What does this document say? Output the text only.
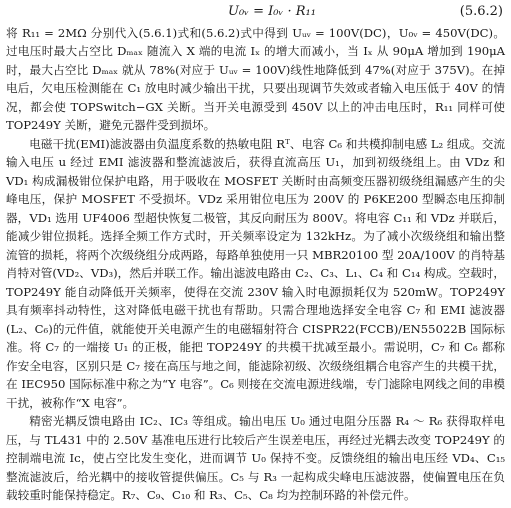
U₀ᵥ = I₀ᵥ · R₁₁	(5.6.2)

将 R₁₁ = 2MΩ 分别代入(5.6.1)式和(5.6.2)式中得到 Uᵤᵥ = 100V(DC)，U₀ᵥ = 450V(DC)。过电压时最大占空比 Dₘₐₓ 随流入 X 端的电流 Iₓ 的增大而减小，当 Iₓ 从 90μA 增加到 190μA 时，最大占空比 Dₘₐₓ 就从 78%(对应于 Uᵤᵥ = 100V)线性地降低到 47%(对应于 375V)。在掉电后，欠电压检测能在 C₁ 放电时减少输出干扰，只要出现调节失效或者输入电压低于 40V 的情况，都会使 TOPSwitch−GX 关断。当开关电源受到 450V 以上的冲击电压时，R₁₁ 同样可使 TOP249Y 关断，避免元器件受到损坏。

电磁干扰(EMI)滤波器由负温度系数的热敏电阻 Rᵀ、电容 C₆ 和共模抑制电感 L₂ 组成。交流输入电压 u 经过 EMI 滤波器和整流滤波后，获得直流高压 U₁，加到初级绕组上。由 VDᴢ 和 VD₁ 构成漏极钳位保护电路，用于吸收在 MOSFET 关断时由高频变压器初级绕组漏感产生的尖峰电压，保护 MOSFET 不受损坏。VDᴢ 采用钳位电压为 200V 的 P6KE200 型瞬态电压抑制器，VD₁ 选用 UF4006 型超快恢复二极管，其反向耐压为 800V。将电容 C₁₁ 和 VDᴢ 并联后，能减少钳位损耗。选择全频工作方式时，开关频率设定为 132kHz。为了减小次级绕组和输出整流管的损耗，将两个次级绕组分成两路，每路单独使用一只 MBR20100 型 20A/100V 的肖特基肖特对管(VD₂、VD₃)，然后并联工作。输出滤波电路由 C₂、C₃、L₁、C₄ 和 C₁₄ 构成。空载时，TOP249Y 能自动降低开关频率，使得在交流 230V 输入时电源损耗仅为 520mW。TOP249Y 具有频率抖动特性，这对降低电磁干扰也有帮助。只需合理地选择安全电容 C₇ 和 EMI 滤波器(L₂、C₆)的元件值，就能使开关电源产生的电磁辐射符合 CISPR22(FCCB)/EN55022B 国际标准。将 C₇ 的一端接 U₁ 的正极，能把 TOP249Y 的共模干扰减至最小。需说明，C₇ 和 C₆ 都称作安全电容，区别只是 C₇ 接在高压与地之间，能滤除初级、次级绕组耦合电容产生的共模干扰，在 IEC950 国际标准中称之为“Y 电容”。C₆ 则接在交流电源进线端，专门滤除电网线之间的串模干扰，被称作“X 电容”。

精密光耦反馈电路由 IC₂、IC₃ 等组成。输出电压 U₀ 通过电阻分压器 R₄ ～ R₆ 获得取样电压，与 TL431 中的 2.50V 基准电压进行比较后产生误差电压，再经过光耦去改变 TOP249Y 的控制端电流 Iᴄ，使占空比发生变化，进而调节 U₀ 保持不变。反馈绕组的输出电压经 VD₄、C₁₅ 整流滤波后，给光耦中的接收管提供偏压。C₅ 与 R₃ 一起构成尖峰电压滤波器，使偏置电压在负载较重时能保持稳定。R₇、C₉、C₁₀ 和 R₃、C₅、C₈ 均为控制环路的补偿元件。
